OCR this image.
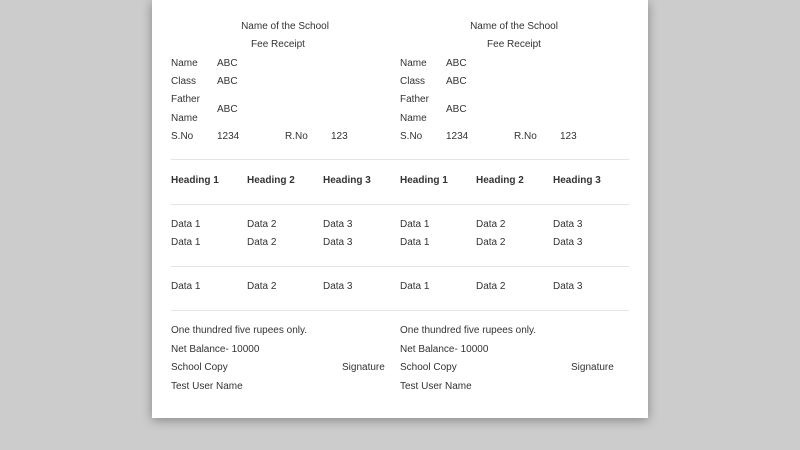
Name of the School
Fee Receipt
Name ABC
Class ABC
Father
Name
ABC
S.No 1234	R.No 123
Heading 1	Heading 2	Heading 3
Data 1	Data 2	Data 3
Data 1	Data 2	Data 3
Data 1	Data 2	Data 3
One thundred five rupees only.
Net Balance- 10000
School Copy	Signature
Test User Name
Name of the School
Fee Receipt
Name ABC
Class ABC
Father
Name
ABC
S.No 1234	R.No 123
Heading 1	Heading 2	Heading 3
Data 1	Data 2	Data 3
Data 1	Data 2	Data 3
Data 1	Data 2	Data 3
One thundred five rupees only.
Net Balance- 10000
School Copy	Signature
Test User Name
